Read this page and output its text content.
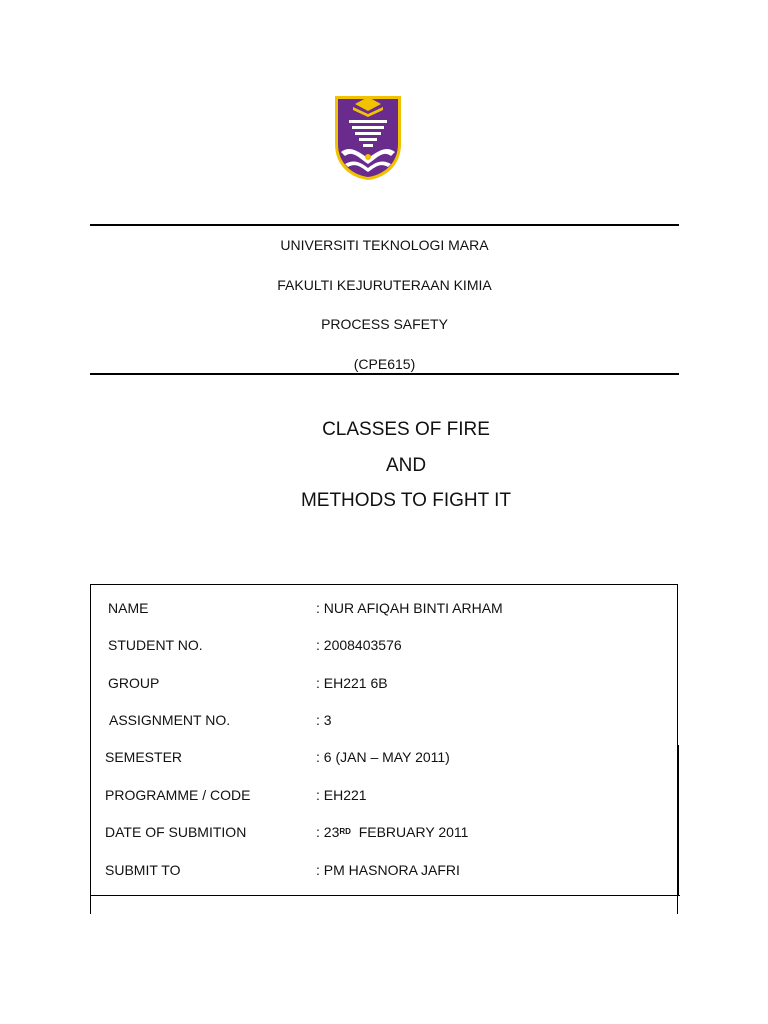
UNIVERSITI TEKNOLOGI MARA
FAKULTI KEJURUTERAAN KIMIA
PROCESS SAFETY
(CPE615)
CLASSES OF FIRE
AND
METHODS TO FIGHT IT
NAME	: NUR AFIQAH BINTI ARHAM
STUDENT NO.	: 2008403576
GROUP	: EH221 6B
ASSIGNMENT NO.	: 3
SEMESTER	: 6 (JAN – MAY 2011)
PROGRAMME / CODE	: EH221
DATE OF SUBMITION	: 23RD  FEBRUARY 2011
SUBMIT TO	: PM HASNORA JAFRI
